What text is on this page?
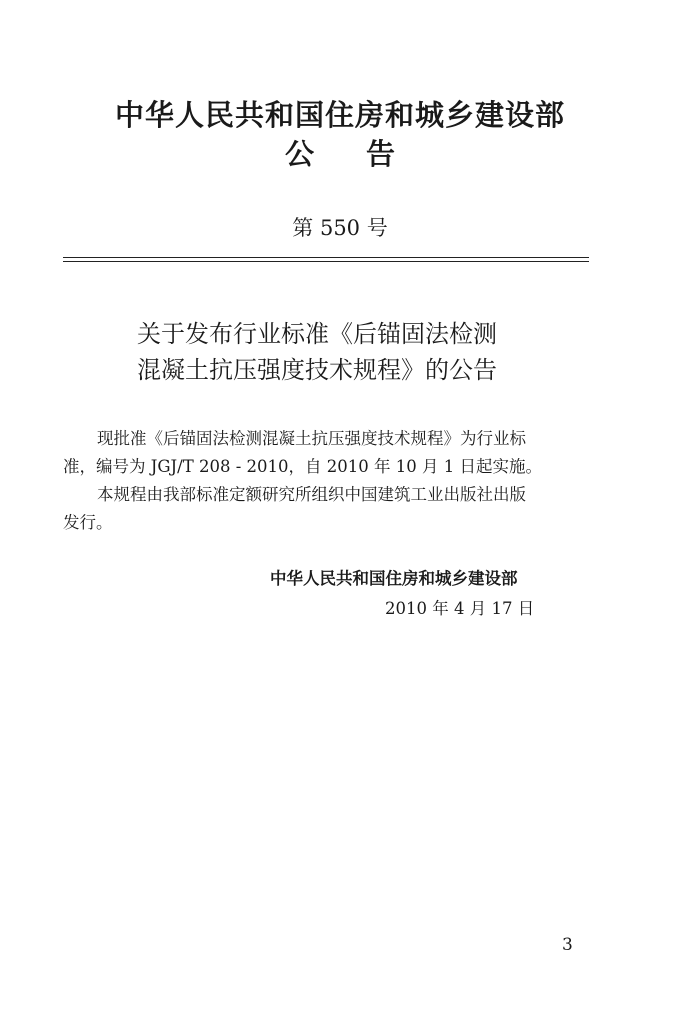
中华人民共和国住房和城乡建设部
公告
第 550 号
关于发布行业标准《后锚固法检测
混凝土抗压强度技术规程》的公告
现批准《后锚固法检测混凝土抗压强度技术规程》为行业标
准，编号为 JGJ/T 208 - 2010，自 2010 年 10 月 1 日起实施。
本规程由我部标准定额研究所组织中国建筑工业出版社出版
发行。
中华人民共和国住房和城乡建设部
2010 年 4 月 17 日
3
